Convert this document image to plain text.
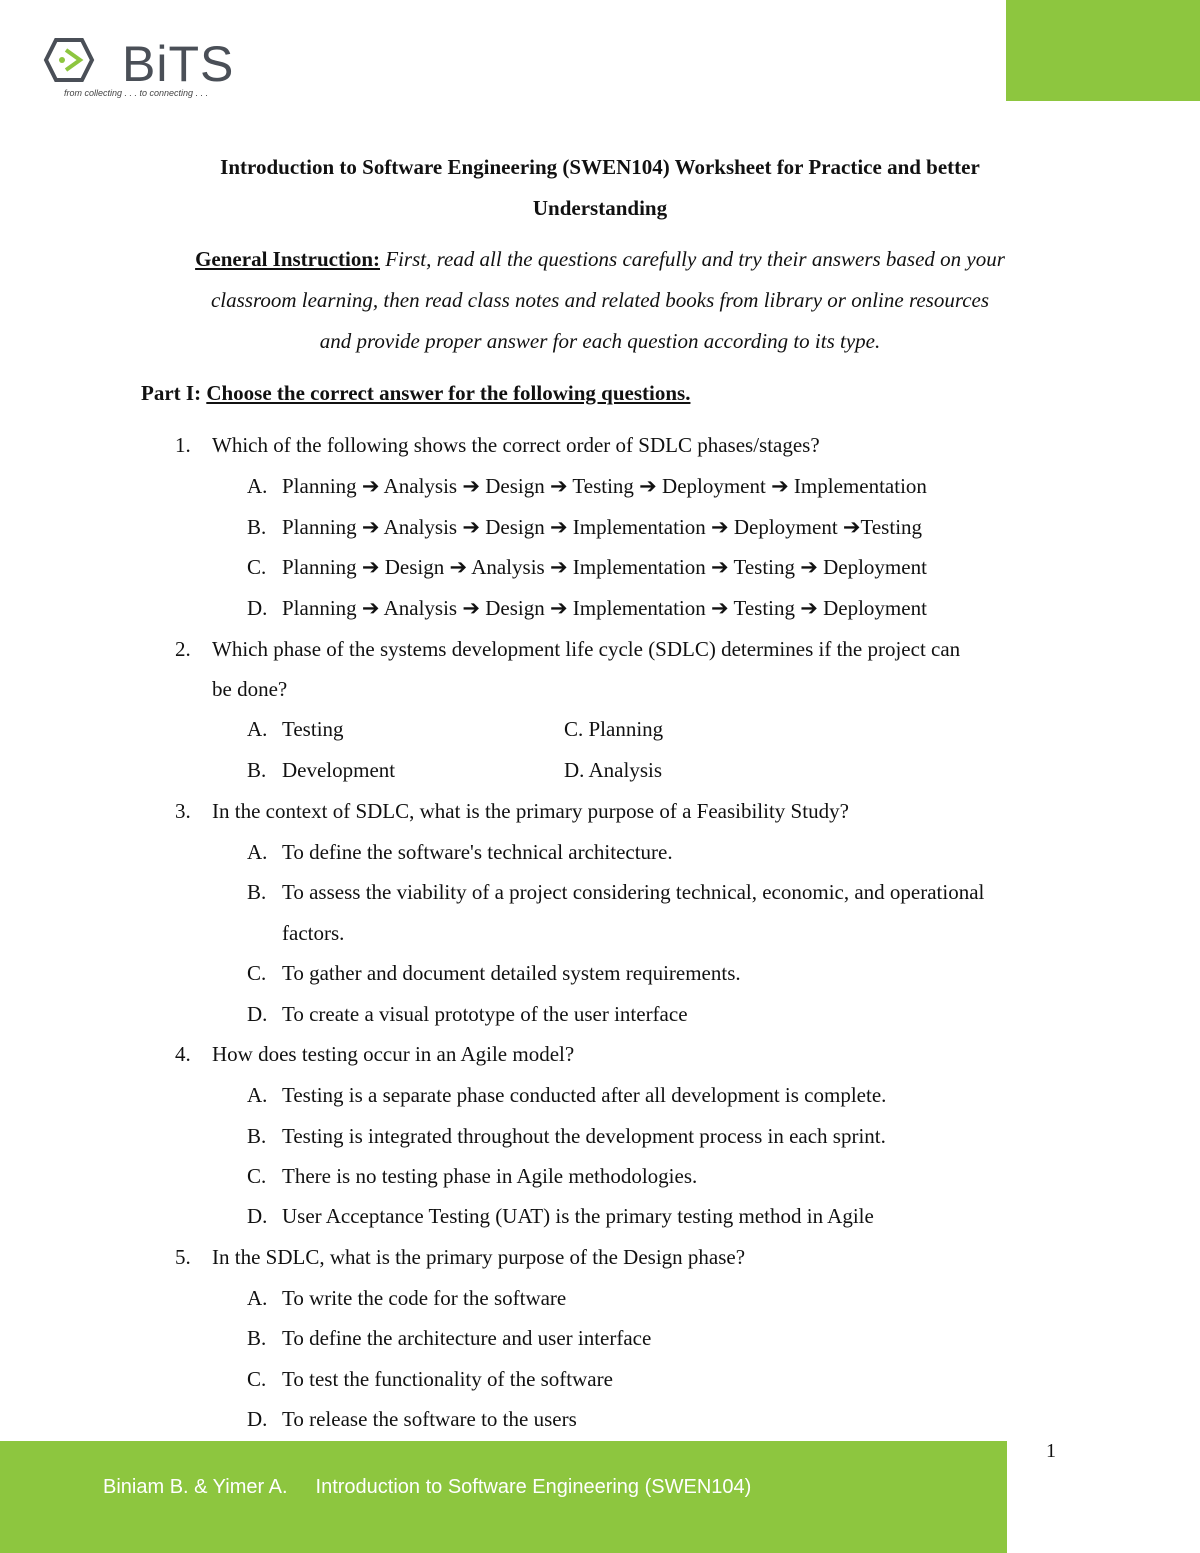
BiTS
from collecting . . . to connecting . . .
Introduction to Software Engineering (SWEN104) Worksheet for Practice and better
Understanding
General Instruction: First, read all the questions carefully and try their answers based on your
classroom learning, then read class notes and related books from library or online resources
and provide proper answer for each question according to its type.
Part I: Choose the correct answer for the following questions.
1. Which of the following shows the correct order of SDLC phases/stages?
A. Planning ➔ Analysis ➔ Design ➔ Testing ➔ Deployment ➔ Implementation
B. Planning ➔ Analysis ➔ Design ➔ Implementation ➔ Deployment ➔Testing
C. Planning ➔ Design ➔ Analysis ➔ Implementation ➔ Testing ➔ Deployment
D. Planning ➔ Analysis ➔ Design ➔ Implementation ➔ Testing ➔ Deployment
2. Which phase of the systems development life cycle (SDLC) determines if the project can
be done?
A. Testing	C. Planning
B. Development	D. Analysis
3. In the context of SDLC, what is the primary purpose of a Feasibility Study?
A. To define the software's technical architecture.
B. To assess the viability of a project considering technical, economic, and operational
factors.
C. To gather and document detailed system requirements.
D. To create a visual prototype of the user interface
4. How does testing occur in an Agile model?
A. Testing is a separate phase conducted after all development is complete.
B. Testing is integrated throughout the development process in each sprint.
C. There is no testing phase in Agile methodologies.
D. User Acceptance Testing (UAT) is the primary testing method in Agile
5. In the SDLC, what is the primary purpose of the Design phase?
A. To write the code for the software
B. To define the architecture and user interface
C. To test the functionality of the software
D. To release the software to the users
1
Biniam B. & Yimer A. Introduction to Software Engineering (SWEN104)
